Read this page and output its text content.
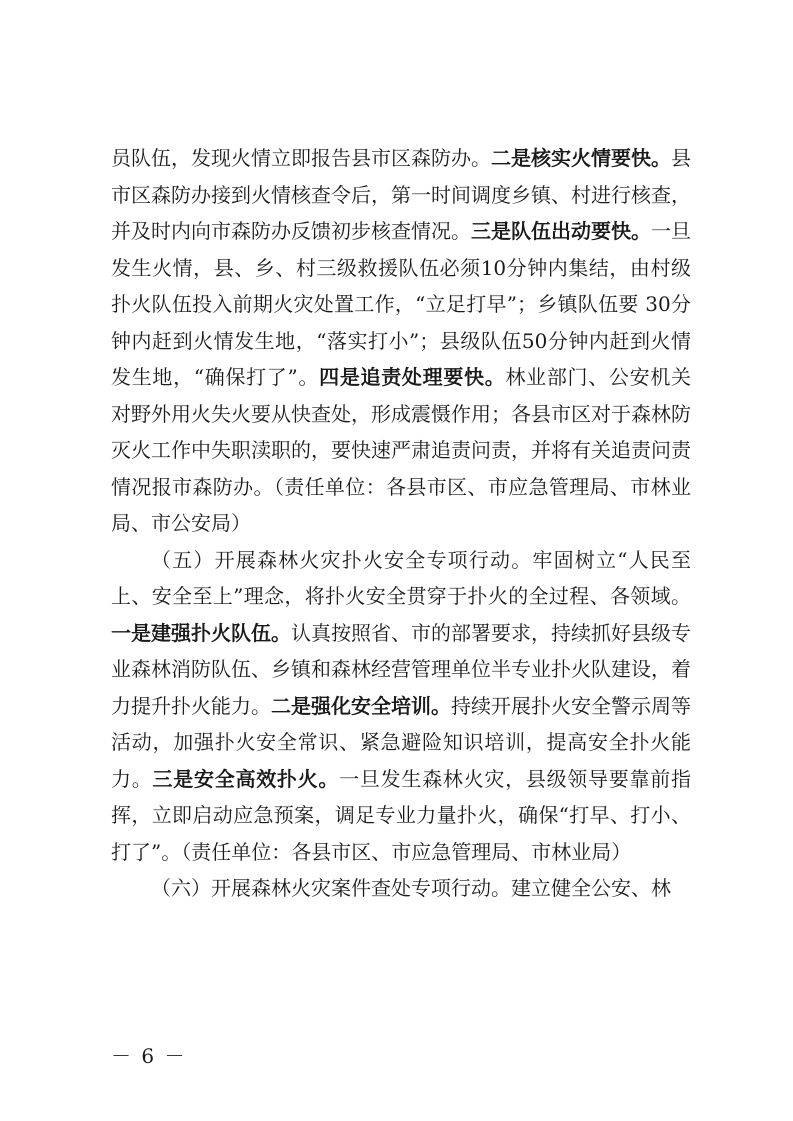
员队伍，发现火情立即报告县市区森防办。二是核实火情要快。县市区森防办接到火情核查令后，第一时间调度乡镇、村进行核查，并及时内向市森防办反馈初步核查情况。三是队伍出动要快。一旦发生火情，县、乡、村三级救援队伍必须10分钟内集结，由村级扑火队伍投入前期火灾处置工作，“立足打早”；乡镇队伍要 30分钟内赶到火情发生地，“落实打小”；县级队伍50分钟内赶到火情发生地，“确保打了”。四是追责处理要快。林业部门、公安机关对野外用火失火要从快查处，形成震慑作用；各县市区对于森林防灭火工作中失职渎职的，要快速严肃追责问责，并将有关追责问责情况报市森防办。（责任单位：各县市区、市应急管理局、市林业局、市公安局）

（五）开展森林火灾扑火安全专项行动。牢固树立“人民至上、安全至上”理念，将扑火安全贯穿于扑火的全过程、各领域。一是建强扑火队伍。认真按照省、市的部署要求，持续抓好县级专业森林消防队伍、乡镇和森林经营管理单位半专业扑火队建设，着力提升扑火能力。二是强化安全培训。持续开展扑火安全警示周等活动，加强扑火安全常识、紧急避险知识培训，提高安全扑火能力。三是安全高效扑火。一旦发生森林火灾，县级领导要靠前指挥，立即启动应急预案，调足专业力量扑火，确保“打早、打小、打了”。（责任单位：各县市区、市应急管理局、市林业局）

（六）开展森林火灾案件查处专项行动。建立健全公安、林

－ 6 －
